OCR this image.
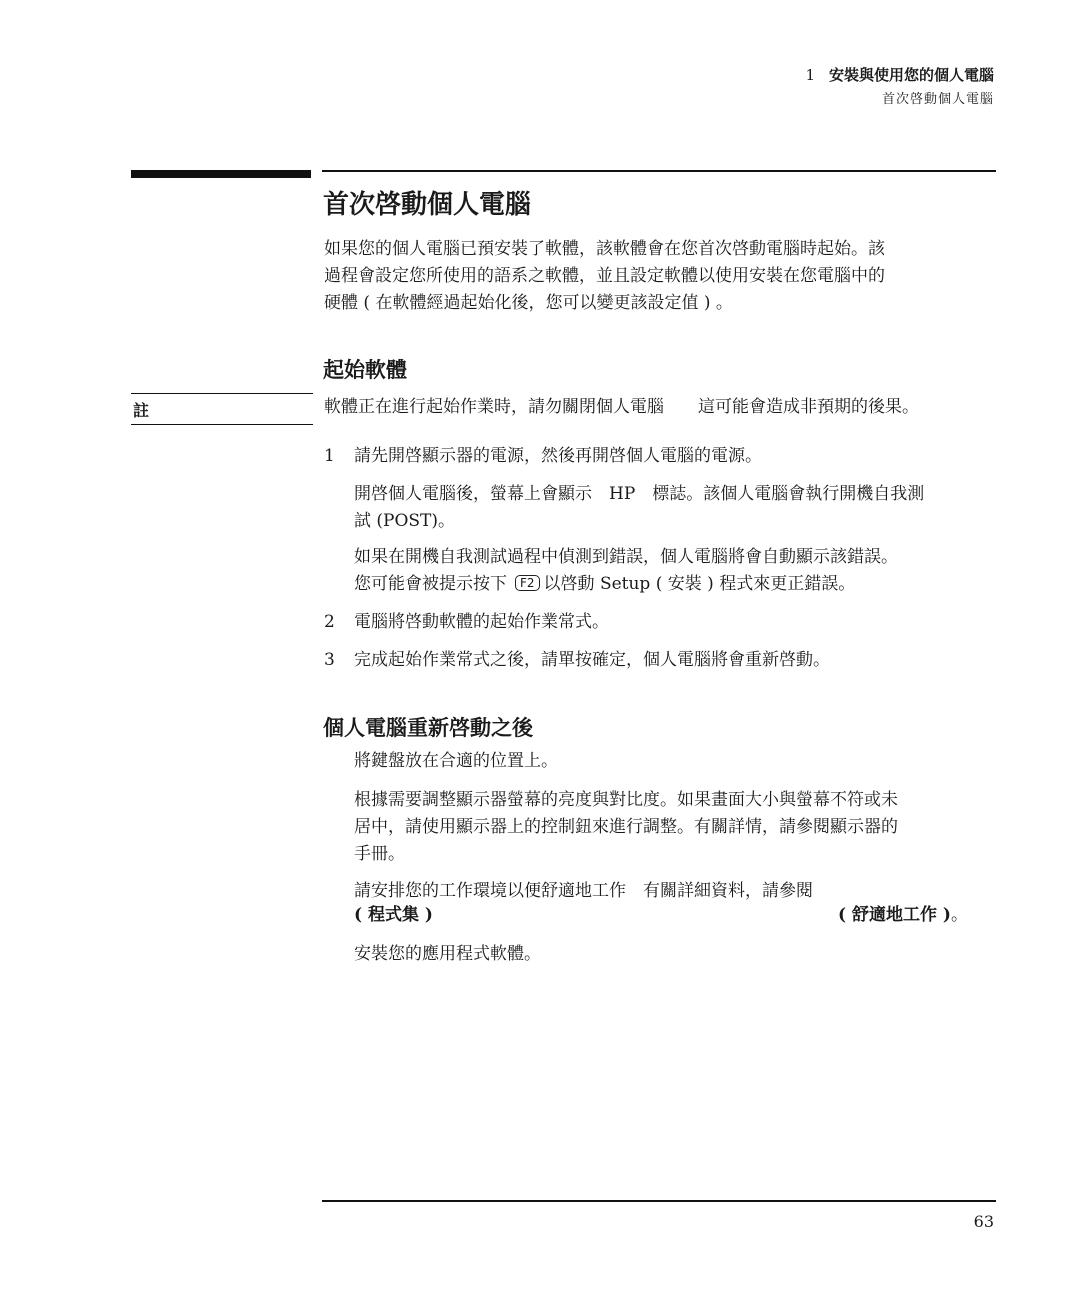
1 安裝與使用您的個人電腦
首次啓動個人電腦
首次啓動個人電腦
如果您的個人電腦已預安裝了軟體，該軟體會在您首次啓動電腦時起始。該
過程會設定您所使用的語系之軟體，並且設定軟體以使用安裝在您電腦中的
硬體 ( 在軟體經過起始化後，您可以變更該設定值 ) 。
起始軟體
註	軟體正在進行起始作業時，請勿關閉個人電腦　　這可能會造成非預期的後果。
1 請先開啓顯示器的電源，然後再開啓個人電腦的電源。
開啓個人電腦後，螢幕上會顯示　HP　標誌。該個人電腦會執行開機自我測
試 (POST)。
如果在開機自我測試過程中偵測到錯誤，個人電腦將會自動顯示該錯誤。
您可能會被提示按下 F2 以啓動 Setup ( 安裝 ) 程式來更正錯誤。
2 電腦將啓動軟體的起始作業常式。
3 完成起始作業常式之後，請單按確定，個人電腦將會重新啓動。
個人電腦重新啓動之後
將鍵盤放在合適的位置上。
根據需要調整顯示器螢幕的亮度與對比度。如果畫面大小與螢幕不符或未
居中，請使用顯示器上的控制鈕來進行調整。有關詳情，請參閱顯示器的
手冊。
請安排您的工作環境以便舒適地工作　有關詳細資料，請參閱
( 程式集 )	( 舒適地工作 )。
安裝您的應用程式軟體。
63
